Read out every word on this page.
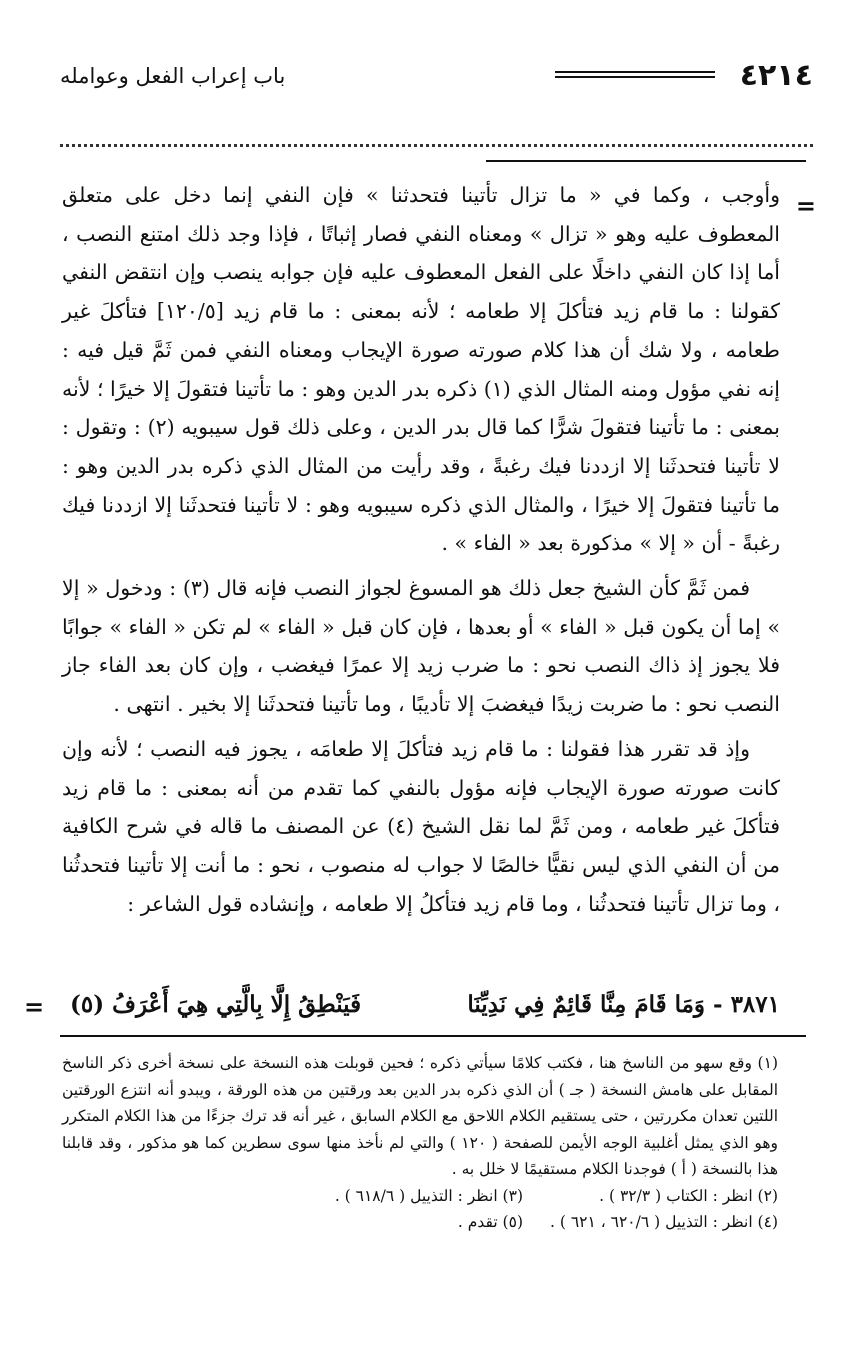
٤٢١٤
باب إعراب الفعل وعوامله
=

وأوجب ، وكما في « ما تزال تأتينا فتحدثنا » فإن النفي إنما دخل على متعلق المعطوف عليه وهو « تزال » ومعناه النفي فصار إثباتًا ، فإذا وجد ذلك امتنع النصب ، أما إذا كان النفي داخلًا على الفعل المعطوف عليه فإن جوابه ينصب وإن انتقض النفي كقولنا : ما قام زيد فتأكلَ إلا طعامه ؛ لأنه بمعنى : ما قام زيد [١٢٠/٥] فتأكلَ غير طعامه ، ولا شك أن هذا كلام صورته صورة الإيجاب ومعناه النفي فمن ثَمَّ قيل فيه : إنه نفي مؤول ومنه المثال الذي (١) ذكره بدر الدين وهو : ما تأتينا فتقولَ إلا خيرًا ؛ لأنه بمعنى : ما تأتينا فتقولَ شرًّا كما قال بدر الدين ، وعلى ذلك قول سيبويه (٢) : وتقول : لا تأتينا فتحدثَنا إلا ازددنا فيك رغبةً ، وقد رأيت من المثال الذي ذكره بدر الدين وهو : ما تأتينا فتقولَ إلا خيرًا ، والمثال الذي ذكره سيبويه وهو : لا تأتينا فتحدثَنا إلا ازددنا فيك رغبةً - أن « إلا » مذكورة بعد « الفاء » .

فمن ثَمَّ كأن الشيخ جعل ذلك هو المسوغ لجواز النصب فإنه قال (٣) : ودخول « إلا » إما أن يكون قبل « الفاء » أو بعدها ، فإن كان قبل « الفاء » لم تكن « الفاء » جوابًا فلا يجوز إذ ذاك النصب نحو : ما ضرب زيد إلا عمرًا فيغضب ، وإن كان بعد الفاء جاز النصب نحو : ما ضربت زيدًا فيغضبَ إلا تأديبًا ، وما تأتينا فتحدثَنا إلا بخير . انتهى .

وإذ قد تقرر هذا فقولنا : ما قام زيد فتأكلَ إلا طعامَه ، يجوز فيه النصب ؛ لأنه وإن كانت صورته صورة الإيجاب فإنه مؤول بالنفي كما تقدم من أنه بمعنى : ما قام زيد فتأكلَ غير طعامه ، ومن ثَمَّ لما نقل الشيخ (٤) عن المصنف ما قاله في شرح الكافية من أن النفي الذي ليس نقيًّا خالصًا لا جواب له منصوب ، نحو : ما أنت إلا تأتينا فتحدثُنا ، وما تزال تأتينا فتحدثُنا ، وما قام زيد فتأكلُ إلا طعامه ، وإنشاده قول الشاعر :

٣٨٧١ - وَمَا قَامَ مِنَّا قَائِمٌ فِي نَدِيِّنَا
فَيَنْطِقُ إِلَّا بِالَّتِي هِيَ أَعْرَفُ (٥)
=

(١) وقع سهو من الناسخ هنا ، فكتب كلامًا سيأتي ذكره ؛ فحين قوبلت هذه النسخة على نسخة أخرى ذكر الناسخ المقابل على هامش النسخة ( جـ ) أن الذي ذكره بدر الدين بعد ورقتين من هذه الورقة ، ويبدو أنه انتزع الورقتين اللتين تعدان مكررتين ، حتى يستقيم الكلام اللاحق مع الكلام السابق ، غير أنه قد ترك جزءًا من هذا الكلام المتكرر وهو الذي يمثل أغلبية الوجه الأيمن للصفحة ( ١٢٠ ) والتي لم نأخذ منها سوى سطرين كما هو مذكور ، وقد قابلنا هذا بالنسخة ( أ ) فوجدنا الكلام مستقيمًا لا خلل به .

(٢) انظر : الكتاب ( ٣٢/٣ ) .
(٣) انظر : التذييل ( ٦١٨/٦ ) .
(٤) انظر : التذييل ( ٦٢٠/٦ ، ٦٢١ ) .
(٥) تقدم .
